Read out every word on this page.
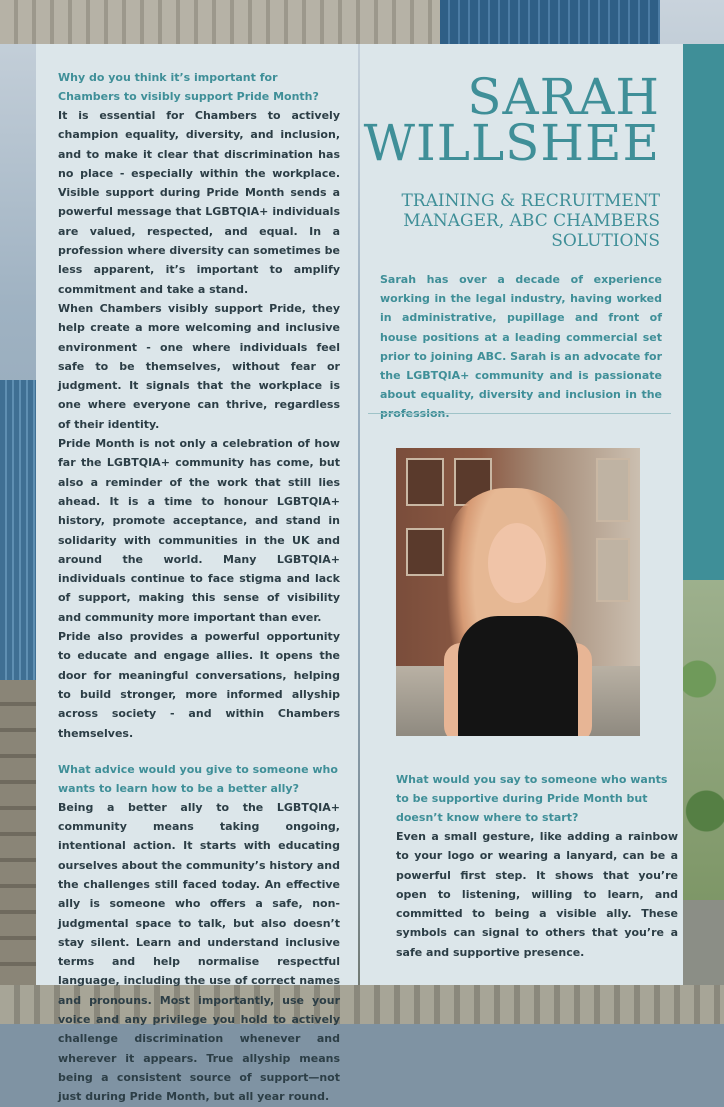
Why do you think it’s important for Chambers to visibly support Pride Month?

It is essential for Chambers to actively champion equality, diversity, and inclusion, and to make it clear that discrimination has no place - especially within the workplace. Visible support during Pride Month sends a powerful message that LGBTQIA+ individuals are valued, respected, and equal. In a profession where diversity can sometimes be less apparent, it’s important to amplify commitment and take a stand.

When Chambers visibly support Pride, they help create a more welcoming and inclusive environment - one where individuals feel safe to be themselves, without fear or judgment. It signals that the workplace is one where everyone can thrive, regardless of their identity.

Pride Month is not only a celebration of how far the LGBTQIA+ community has come, but also a reminder of the work that still lies ahead. It is a time to honour LGBTQIA+ history, promote acceptance, and stand in solidarity with communities in the UK and around the world. Many LGBTQIA+ individuals continue to face stigma and lack of support, making this sense of visibility and community more important than ever.

Pride also provides a powerful opportunity to educate and engage allies. It opens the door for meaningful conversations, helping to build stronger, more informed allyship across society - and within Chambers themselves.

What advice would you give to someone who wants to learn how to be a better ally?

Being a better ally to the LGBTQIA+ community means taking ongoing, intentional action. It starts with educating ourselves about the community’s history and the challenges still faced today. An effective ally is someone who offers a safe, non-judgmental space to talk, but also doesn’t stay silent. Learn and understand inclusive terms and help normalise respectful language, including the use of correct names and pronouns. Most importantly, use your voice and any privilege you hold to actively challenge discrimination whenever and wherever it appears. True allyship means being a consistent source of support—not just during Pride Month, but all year round.

SARAH
WILLSHEE
TRAINING & RECRUITMENT
MANAGER, ABC CHAMBERS
SOLUTIONS

Sarah has over a decade of experience working in the legal industry, having worked in administrative, pupillage and front of house positions at a leading commercial set prior to joining ABC. Sarah is an advocate for the LGBTQIA+ community and is passionate about equality, diversity and inclusion in the

What would you say to someone who wants to be supportive during Pride Month but doesn’t know where to start?

Even a small gesture, like adding a rainbow to your logo or wearing a lanyard, can be a powerful first step. It shows that you’re open to listening, willing to learn, and committed to being a visible ally. These symbols can signal to others that you’re a safe and supportive presence.
